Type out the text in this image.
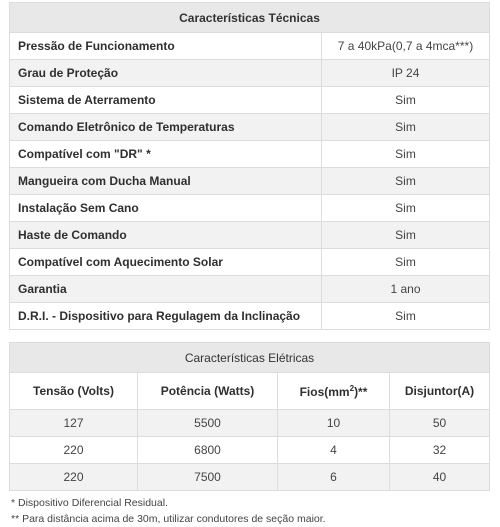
Características Técnicas	
Pressão de Funcionamento	7 a 40kPa(0,7 a 4mca***)
Grau de Proteção	IP 24
Sistema de Aterramento	Sim
Comando Eletrônico de Temperaturas	Sim
Compatível com "DR" *	Sim
Mangueira com Ducha Manual	Sim
Instalação Sem Cano	Sim
Haste de Comando	Sim
Compatível com Aquecimento Solar	Sim
Garantia	1 ano
D.R.I. - Dispositivo para Regulagem da Inclinação	Sim
Características Elétricas			
Tensão (Volts)	Potência (Watts)	$Fios(mm^2)**$	Disjuntor(A)
127	5500	10	50
220	6800	4	32
220	7500	6	40
* Dispositivo Diferencial Residual.
** Para distância acima de 30m, utilizar condutores de seção maior.
